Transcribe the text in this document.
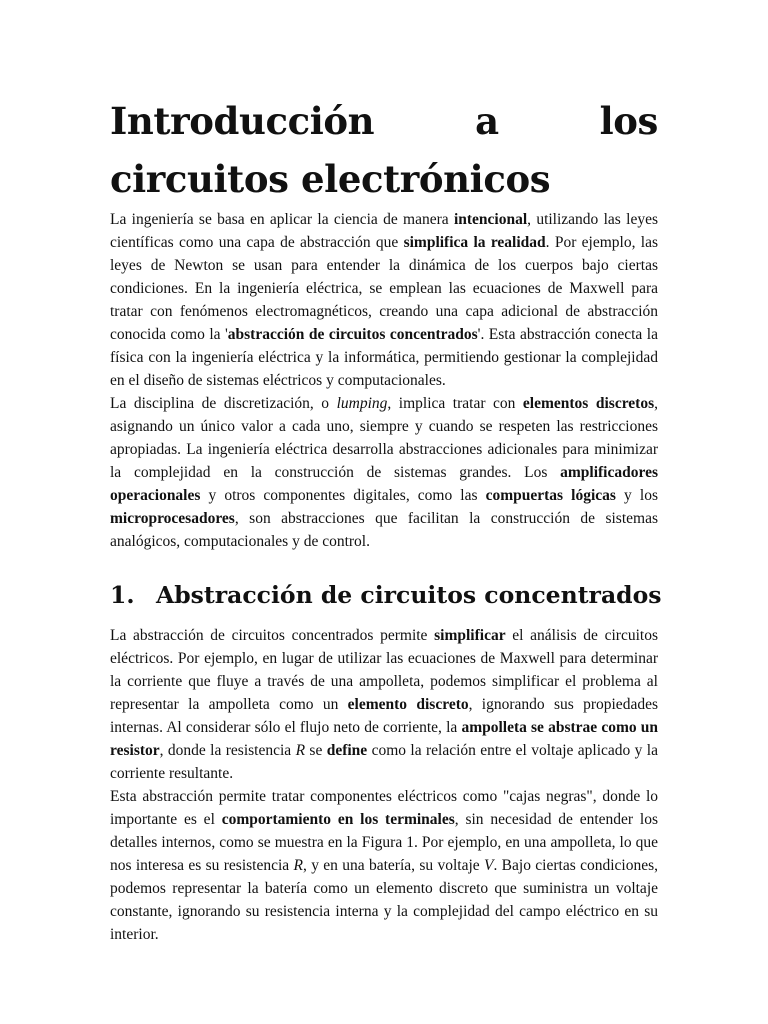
Introducción a los circuitos electrónicos

La ingeniería se basa en aplicar la ciencia de manera intencional, utilizando las leyes científicas como una capa de abstracción que simplifica la realidad. Por ejemplo, las leyes de Newton se usan para entender la dinámica de los cuerpos bajo ciertas condiciones. En la ingeniería eléctrica, se emplean las ecuaciones de Maxwell para tratar con fenómenos electromagnéticos, creando una capa adicional de abstracción conocida como la 'abstracción de circuitos concentrados'. Esta abstracción conecta la física con la ingeniería eléctrica y la informática, permitiendo gestionar la complejidad en el diseño de sistemas eléctricos y computacionales.

La disciplina de discretización, o lumping, implica tratar con elementos discretos, asignando un único valor a cada uno, siempre y cuando se respeten las restricciones apropiadas. La ingeniería eléctrica desarrolla abstracciones adicionales para minimizar la complejidad en la construcción de sistemas grandes. Los amplificadores operacionales y otros componentes digitales, como las compuertas lógicas y los microprocesadores, son abstracciones que facilitan la construcción de sistemas analógicos, computacionales y de control.

1. Abstracción de circuitos concentrados

La abstracción de circuitos concentrados permite simplificar el análisis de circuitos eléctricos. Por ejemplo, en lugar de utilizar las ecuaciones de Maxwell para determinar la corriente que fluye a través de una ampolleta, podemos simplificar el problema al representar la ampolleta como un elemento discreto, ignorando sus propiedades internas. Al considerar sólo el flujo neto de corriente, la ampolleta se abstrae como un resistor, donde la resistencia R se define como la relación entre el voltaje aplicado y la corriente resultante.

Esta abstracción permite tratar componentes eléctricos como "cajas negras", donde lo importante es el comportamiento en los terminales, sin necesidad de entender los detalles internos, como se muestra en la Figura 1. Por ejemplo, en una ampolleta, lo que nos interesa es su resistencia R, y en una batería, su voltaje V. Bajo ciertas condiciones, podemos representar la batería como un elemento discreto que suministra un voltaje constante, ignorando su resistencia interna y la complejidad del campo eléctrico en su interior.
